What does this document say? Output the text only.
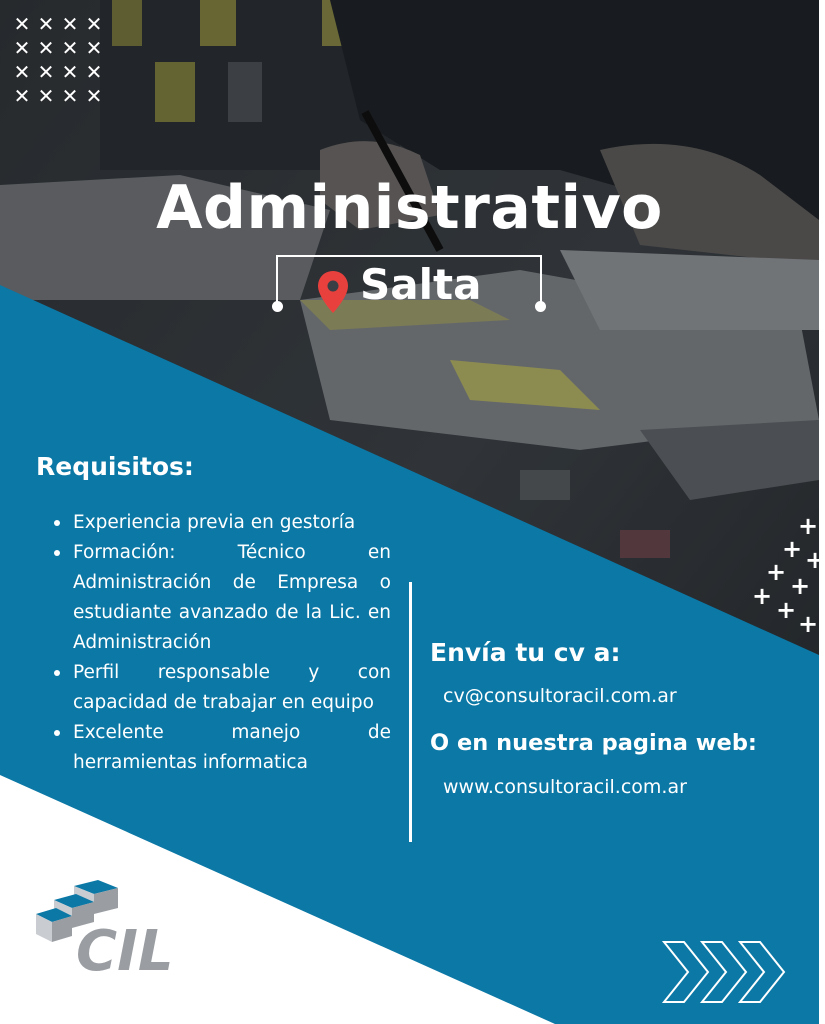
✕ ✕ ✕ ✕
✕ ✕ ✕ ✕
✕ ✕ ✕ ✕
✕ ✕ ✕ ✕
+
+ +
+ +
+ + +
Administrativo
Salta
Requisitos:
Experiencia previa en gestoría
Formación: Técnico en Administración de Empresa o estudiante avanzado de la Lic. en Administración
Perfil responsable y con capacidad de trabajar en equipo
Excelente manejo de herramientas informatica
Envía tu cv a:
cv@consultoracil.com.ar
O en nuestra pagina web:
www.consultoracil.com.ar
CIL
